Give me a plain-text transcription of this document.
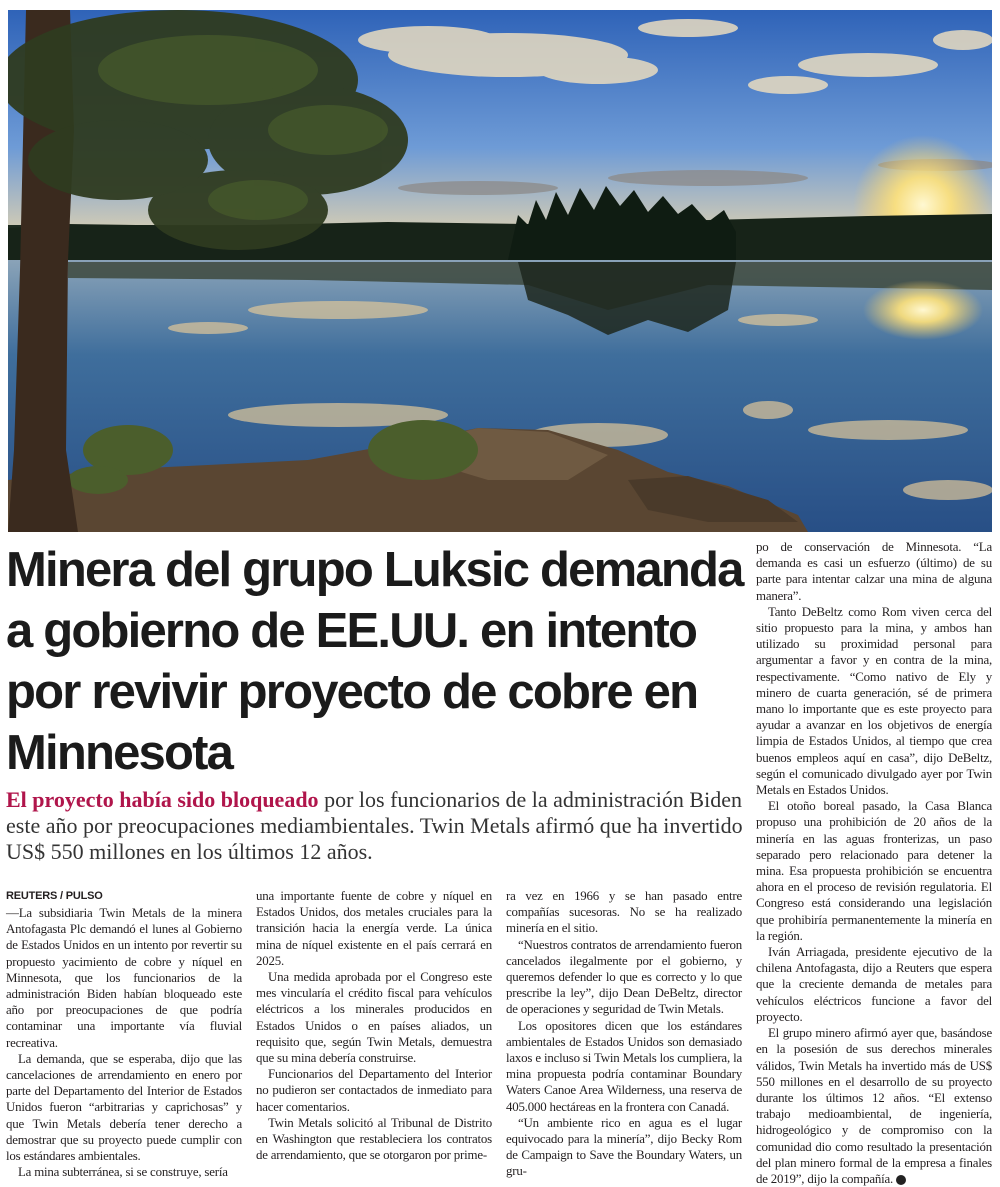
Minera del grupo Luksic demanda a gobierno de EE.UU. en intento por revivir proyecto de cobre en Minnesota

El proyecto había sido bloqueado por los funcionarios de la administración Biden este año por preocupaciones mediambientales. Twin Metals afirmó que ha invertido US$ 550 millones en los últimos 12 años.

REUTERS / PULSO

—La subsidiaria Twin Metals de la minera Antofagasta Plc demandó el lunes al Gobierno de Estados Unidos en un intento por revertir su propuesto yacimiento de cobre y níquel en Minnesota, que los funcionarios de la administración Biden habían bloqueado este año por preocupaciones de que podría contaminar una importante vía fluvial recreativa.

La demanda, que se esperaba, dijo que las cancelaciones de arrendamiento en enero por parte del Departamento del Interior de Estados Unidos fueron “arbitrarias y caprichosas” y que Twin Metals debería tener derecho a demostrar que su proyecto puede cumplir con los estándares ambientales.

La mina subterránea, si se construye, sería

una importante fuente de cobre y níquel en Estados Unidos, dos metales cruciales para la transición hacia la energía verde. La única mina de níquel existente en el país cerrará en 2025.

Una medida aprobada por el Congreso este mes vincularía el crédito fiscal para vehículos eléctricos a los minerales producidos en Estados Unidos o en países aliados, un requisito que, según Twin Metals, demuestra que su mina debería construirse.

Funcionarios del Departamento del Interior no pudieron ser contactados de inmediato para hacer comentarios.

Twin Metals solicitó al Tribunal de Distrito en Washington que restableciera los contratos de arrendamiento, que se otorgaron por prime-

ra vez en 1966 y se han pasado entre compañías sucesoras. No se ha realizado minería en el sitio.

“Nuestros contratos de arrendamiento fueron cancelados ilegalmente por el gobierno, y queremos defender lo que es correcto y lo que prescribe la ley”, dijo Dean DeBeltz, director de operaciones y seguridad de Twin Metals.

Los opositores dicen que los estándares ambientales de Estados Unidos son demasiado laxos e incluso si Twin Metals los cumpliera, la mina propuesta podría contaminar Boundary Waters Canoe Area Wilderness, una reserva de 405.000 hectáreas en la frontera con Canadá.

“Un ambiente rico en agua es el lugar equivocado para la minería”, dijo Becky Rom de Campaign to Save the Boundary Waters, un gru-

po de conservación de Minnesota. “La demanda es casi un esfuerzo (último) de su parte para intentar calzar una mina de alguna manera”.

Tanto DeBeltz como Rom viven cerca del sitio propuesto para la mina, y ambos han utilizado su proximidad personal para argumentar a favor y en contra de la mina, respectivamente. “Como nativo de Ely y minero de cuarta generación, sé de primera mano lo importante que es este proyecto para ayudar a avanzar en los objetivos de energía limpia de Estados Unidos, al tiempo que crea buenos empleos aquí en casa”, dijo DeBeltz, según el comunicado divulgado ayer por Twin Metals en Estados Unidos.

El otoño boreal pasado, la Casa Blanca propuso una prohibición de 20 años de la minería en las aguas fronterizas, un paso separado pero relacionado para detener la mina. Esa propuesta prohibición se encuentra ahora en el proceso de revisión regulatoria. El Congreso está considerando una legislación que prohibiría permanentemente la minería en la región.

Iván Arriagada, presidente ejecutivo de la chilena Antofagasta, dijo a Reuters que espera que la creciente demanda de metales para vehículos eléctricos funcione a favor del proyecto.

El grupo minero afirmó ayer que, basándose en la posesión de sus derechos minerales válidos, Twin Metals ha invertido más de US$ 550 millones en el desarrollo de su proyecto durante los últimos 12 años. “El extenso trabajo medioambiental, de ingeniería, hidrogeológico y de compromiso con la comunidad dio como resultado la presentación del plan minero formal de la empresa a finales de 2019”, dijo la compañía.
